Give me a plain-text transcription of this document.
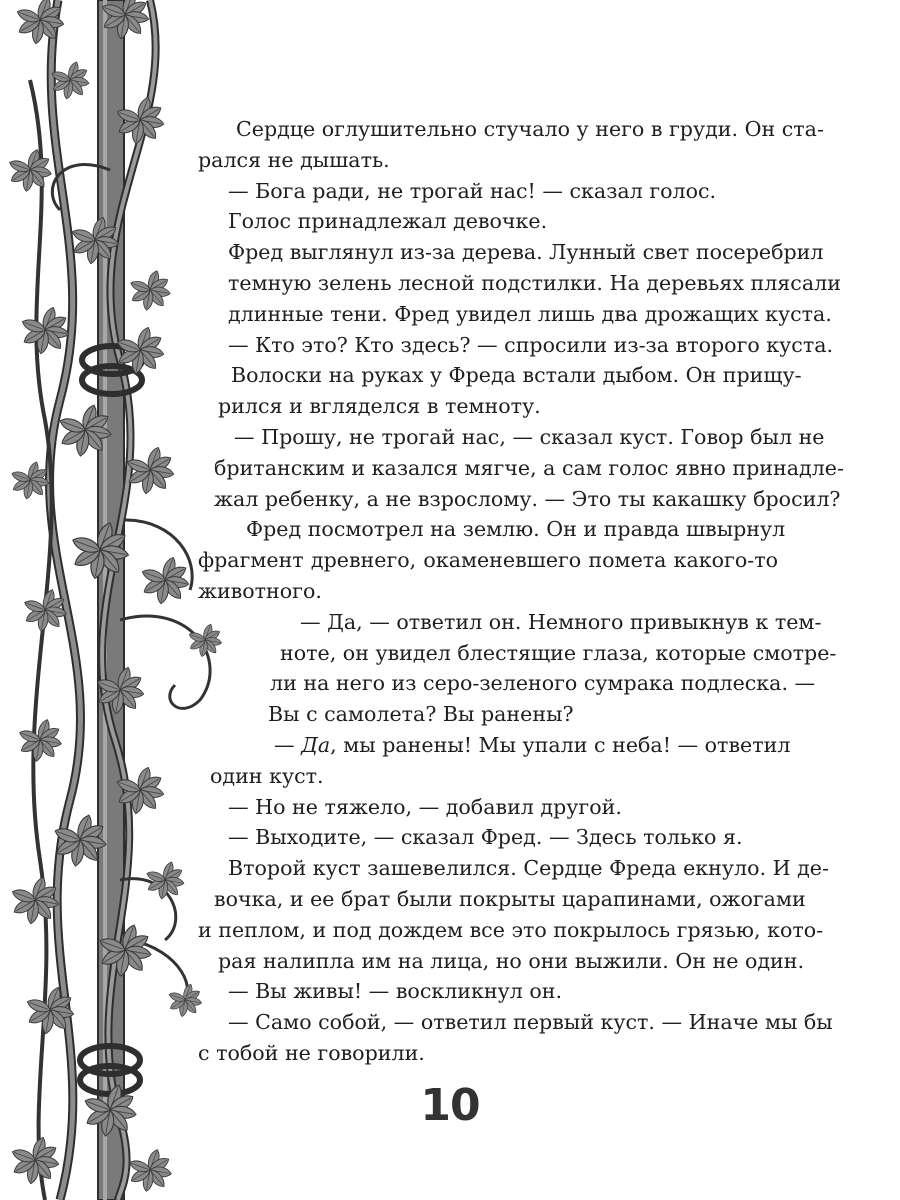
Сердце оглушительно стучало у него в груди. Он ста-
рался не дышать.
— Бога ради, не трогай нас! — сказал голос.
Голос принадлежал девочке.
Фред выглянул из-за дерева. Лунный свет посеребрил
темную зелень лесной подстилки. На деревьях плясали
длинные тени. Фред увидел лишь два дрожащих куста.
— Кто это? Кто здесь? — спросили из-за второго куста.
Волоски на руках у Фреда встали дыбом. Он прищу-
рился и вгляделся в темноту.
— Прошу, не трогай нас, — сказал куст. Говор был не
британским и казался мягче, а сам голос явно принадле-
жал ребенку, а не взрослому. — Это ты какашку бросил?
Фред посмотрел на землю. Он и правда швырнул
фрагмент древнего, окаменевшего помета какого-то
животного.
— Да, — ответил он. Немного привыкнув к тем-
ноте, он увидел блестящие глаза, которые смотре-
ли на него из серо-зеленого сумрака подлеска. —
Вы с самолета? Вы ранены?
— Да, мы ранены! Мы упали с неба! — ответил
один куст.
— Но не тяжело, — добавил другой.
— Выходите, — сказал Фред. — Здесь только я.
Второй куст зашевелился. Сердце Фреда екнуло. И де-
вочка, и ее брат были покрыты царапинами, ожогами
и пеплом, и под дождем все это покрылось грязью, кото-
рая налипла им на лица, но они выжили. Он не один.
— Вы живы! — воскликнул он.
— Само собой, — ответил первый куст. — Иначе мы бы
с тобой не говорили.
10
